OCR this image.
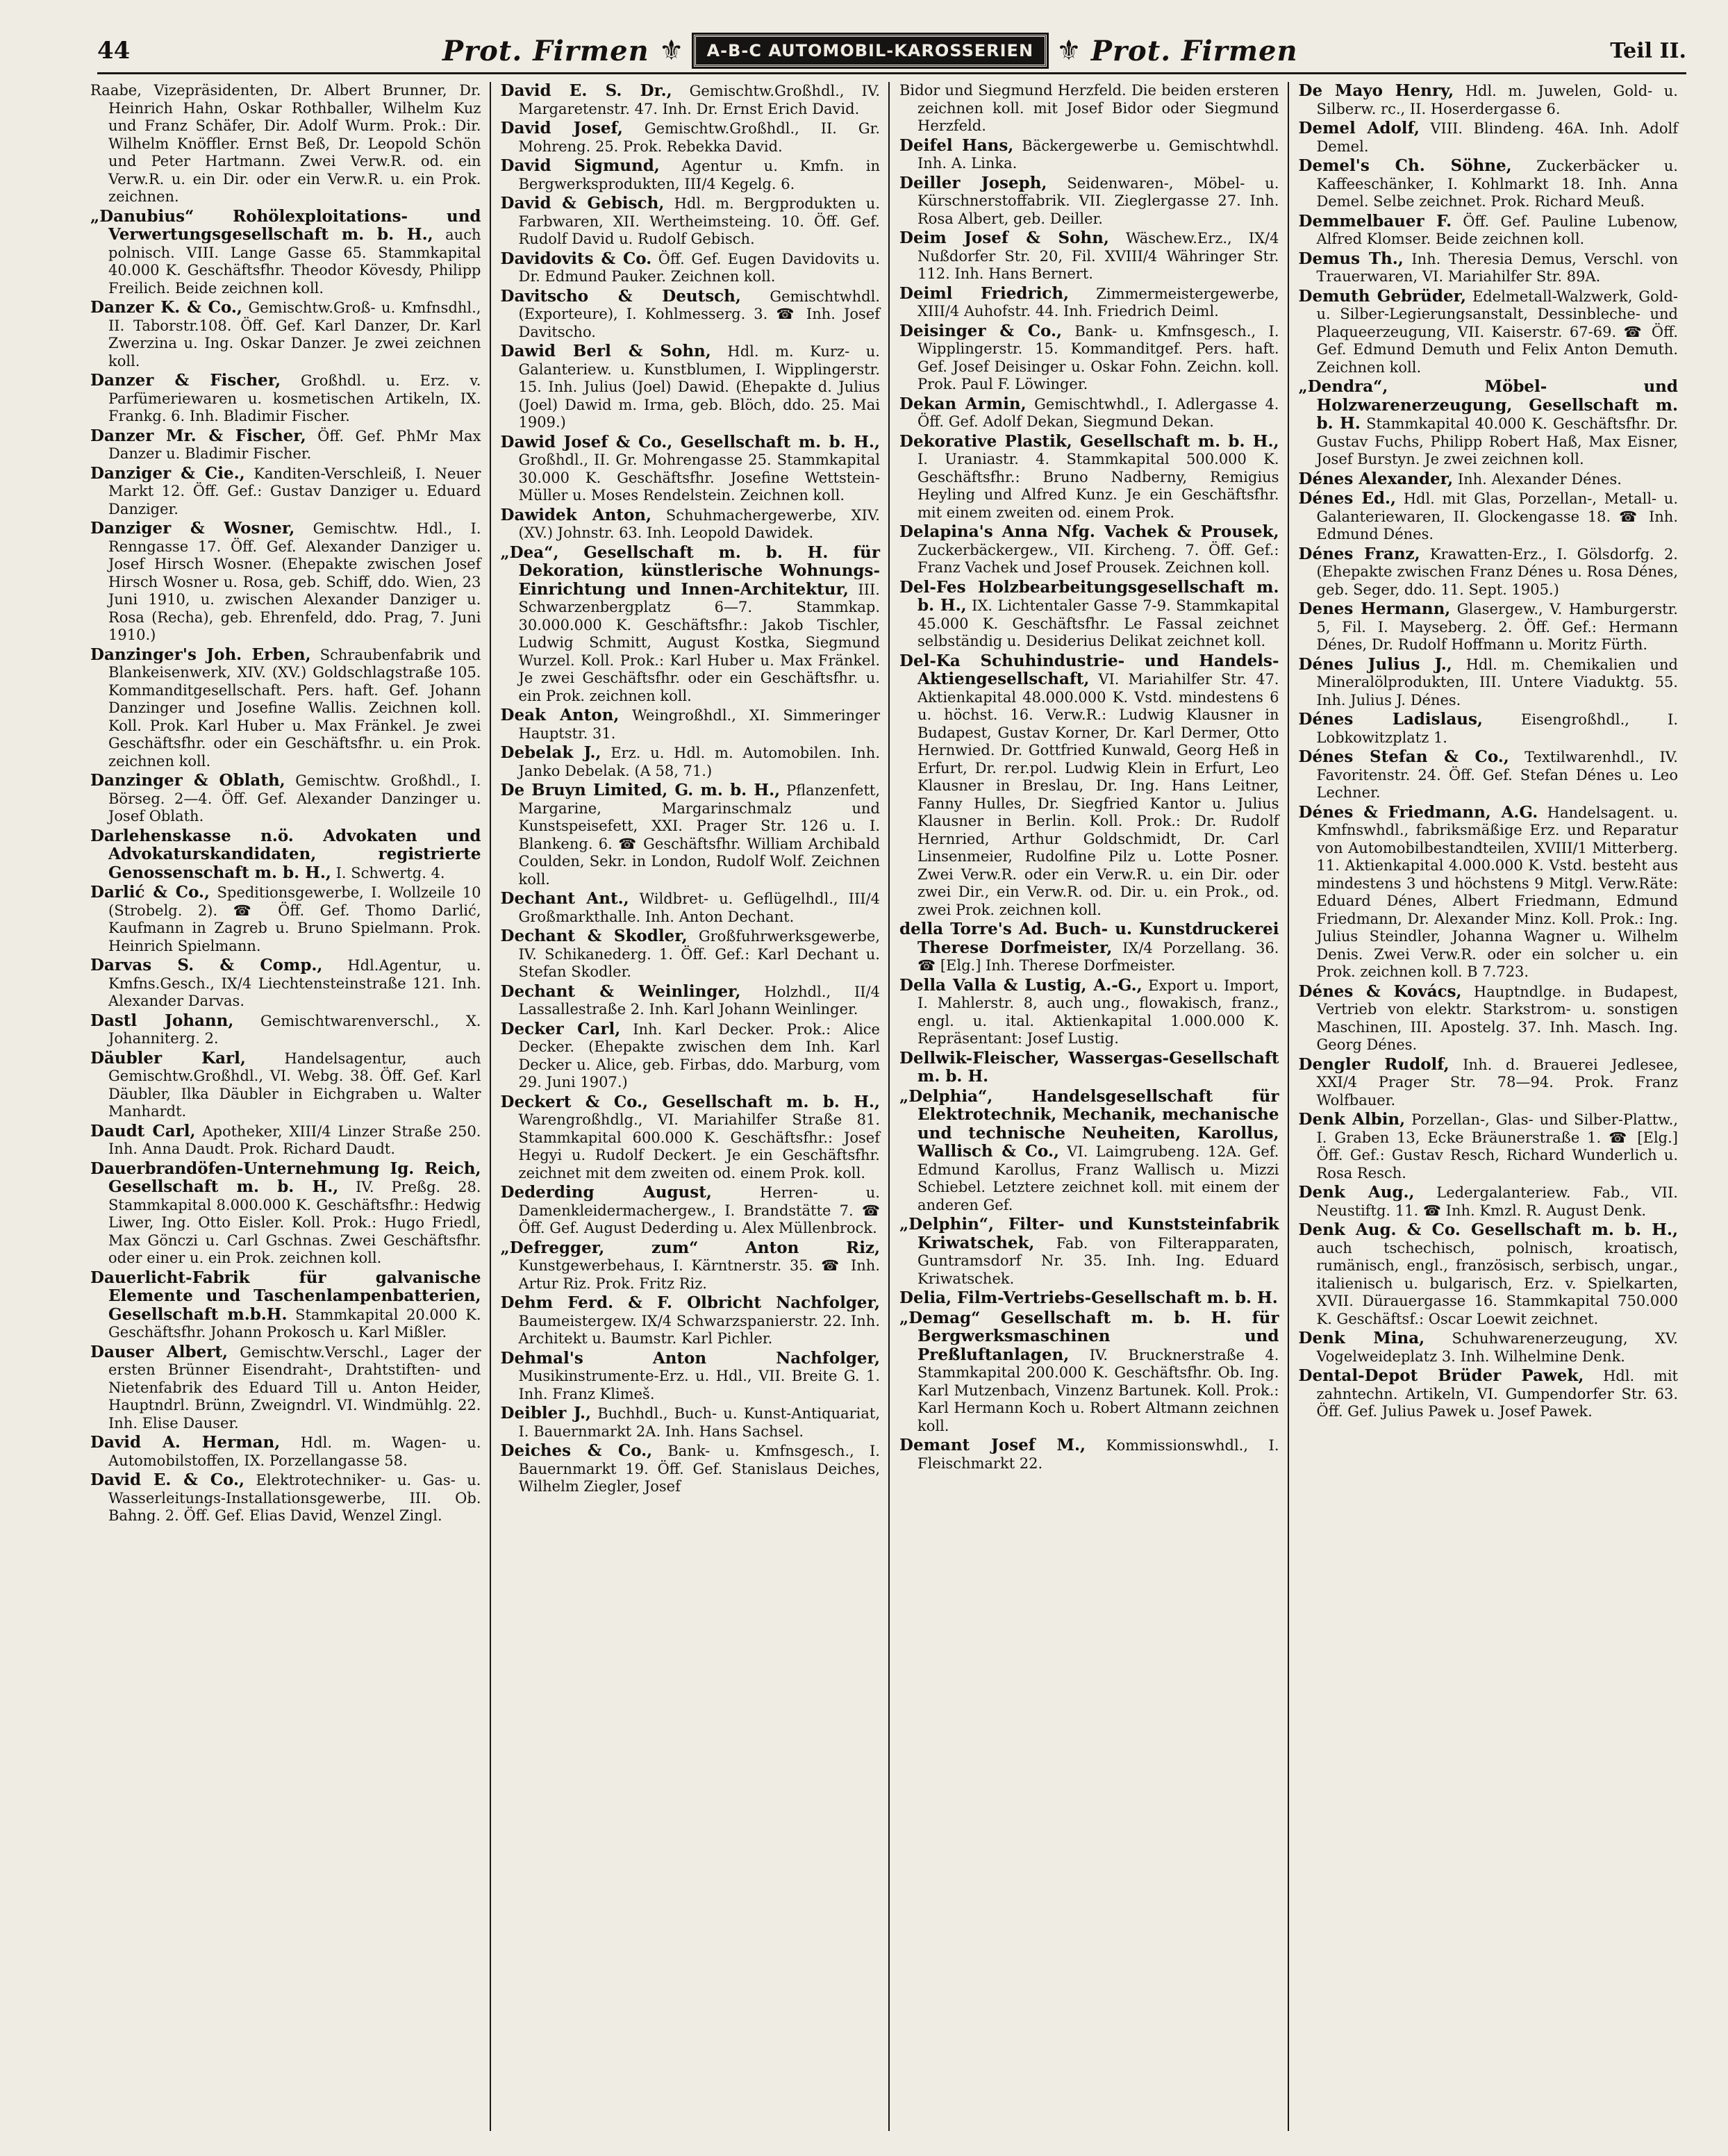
44	Prot. Firmen ⚜	A-B-C AUTOMOBIL-KAROSSERIEN ⚜ Prot. Firmen	Teil II.

Raabe, Vizepräsidenten, Dr. Albert Brunner, Dr. Heinrich Hahn, Oskar Rothballer, Wilhelm Kuz und Franz Schäfer, Dir. Adolf Wurm. Prok.: Dir. Wilhelm Knöffler. Ernst Beß, Dr. Leopold Schön und Peter Hartmann. Zwei Verw.R. od. ein Verw.R. u. ein Dir. oder ein Verw.R. u. ein Prok. zeichnen.

„Danubius“ Rohölexploitations- und Verwertungsgesellschaft m. b. H., auch polnisch. VIII. Lange Gasse 65. Stammkapital 40.000 K. Geschäftsfhr. Theodor Kövesdy, Philipp Freilich. Beide zeichnen koll.

Danzer K. & Co., Gemischtw.Groß- u. Kmfnsdhl., II. Taborstr.108. Öff. Gef. Karl Danzer, Dr. Karl Zwerzina u. Ing. Oskar Danzer. Je zwei zeichnen koll.

Danzer & Fischer, Großhdl. u. Erz. v. Parfümeriewaren u. kosmetischen Artikeln, IX. Frankg. 6. Inh. Bladimir Fischer.

Danzer Mr. & Fischer, Öff. Gef. PhMr Max Danzer u. Bladimir Fischer.

Danziger & Cie., Kanditen-Verschleiß, I. Neuer Markt 12. Öff. Gef.: Gustav Danziger u. Eduard Danziger.

Danziger & Wosner, Gemischtw. Hdl., I. Renngasse 17. Öff. Gef. Alexander Danziger u. Josef Hirsch Wosner. (Ehepakte zwischen Josef Hirsch Wosner u. Rosa, geb. Schiff, ddo. Wien, 23 Juni 1910, u. zwischen Alexander Danziger u. Rosa (Recha), geb. Ehrenfeld, ddo. Prag, 7. Juni 1910.)

Danzinger's Joh. Erben, Schraubenfabrik und Blankeisenwerk, XIV. (XV.) Goldschlagstraße 105. Kommanditgesellschaft. Pers. haft. Gef. Johann Danzinger und Josefine Wallis. Zeichnen koll. Koll. Prok. Karl Huber u. Max Fränkel. Je zwei Geschäftsfhr. oder ein Geschäftsfhr. u. ein Prok. zeichnen koll.

Danzinger & Oblath, Gemischtw. Großhdl., I. Börseg. 2—4. Öff. Gef. Alexander Danzinger u. Josef Oblath.

Darlehenskasse n.ö. Advokaten und Advokaturskandidaten, registrierte Genossenschaft m. b. H., I. Schwertg. 4.

Darlić & Co., Speditionsgewerbe, I. Wollzeile 10 (Strobelg. 2). ☎ Öff. Gef. Thomo Darlić, Kaufmann in Zagreb u. Bruno Spielmann. Prok. Heinrich Spielmann.

Darvas S. & Comp., Hdl.Agentur, u. Kmfns.Gesch., IX/4 Liechtensteinstraße 121. Inh. Alexander Darvas.

Dastl Johann, Gemischtwarenverschl., X. Johanniterg. 2.

Däubler Karl,	Handelsagentur, auch Gemischtw.Großhdl., VI. Webg. 38. Öff. Gef. Karl Däubler, Ilka Däubler in Eichgraben u. Walter Manhardt.

Daudt Carl, Apotheker, XIII/4 Linzer Straße 250. Inh. Anna Daudt. Prok. Richard Daudt.

Dauerbrandöfen-Unternehmung Ig. Reich, Gesellschaft m. b. H., IV. Preßg. 28. Stammkapital 8.000.000 K. Geschäftsfhr.: Hedwig Liwer, Ing. Otto Eisler. Koll. Prok.: Hugo Friedl, Max Gönczi u. Carl Gschnas. Zwei Geschäftsfhr. oder einer u. ein Prok. zeichnen koll.

Dauerlicht-Fabrik für galvanische Elemente und Taschenlampenbatterien, Gesellschaft m.b.H. Stammkapital 20.000 K. Geschäftsfhr. Johann Prokosch u. Karl Mißler.

Dauser Albert, Gemischtw.Verschl., Lager der ersten Brünner Eisendraht-, Drahtstiften- und Nietenfabrik des Eduard Till u. Anton Heider, Hauptndrl. Brünn, Zweigndrl. VI. Windmühlg. 22. Inh. Elise Dauser.

David A. Herman, Hdl. m. Wagen- u. Automobilstoffen, IX. Porzellangasse 58.

David E. & Co., Elektrotechniker- u. Gas- u. Wasserleitungs-Installationsgewerbe, III. Ob. Bahng. 2. Öff. Gef. Elias David, Wenzel Zingl.

David E. S. Dr., Gemischtw.Großhdl., IV. Margaretenstr. 47. Inh. Dr. Ernst Erich David.

David Josef, Gemischtw.Großhdl., II. Gr. Mohreng. 25. Prok. Rebekka David.

David Sigmund, Agentur u. Kmfn. in Bergwerksprodukten, III/4 Kegelg. 6.

David & Gebisch, Hdl. m. Bergprodukten u. Farbwaren, XII. Wertheimsteing. 10. Öff. Gef. Rudolf David u. Rudolf Gebisch.

Davidovits & Co. Öff. Gef. Eugen Davidovits u. Dr. Edmund Pauker. Zeichnen koll.

Davitscho & Deutsch, Gemischtwhdl. (Exporteure), I. Kohlmesserg. 3. ☎ Inh. Josef Davitscho.

Dawid Berl & Sohn, Hdl. m. Kurz- u. Galanteriew. u. Kunstblumen, I. Wipplingerstr. 15. Inh. Julius (Joel) Dawid. (Ehepakte d. Julius (Joel) Dawid m. Irma, geb. Blöch, ddo. 25. Mai 1909.)

Dawid Josef & Co., Gesellschaft m. b. H., Großhdl., II. Gr. Mohrengasse 25. Stammkapital 30.000 K. Geschäftsfhr. Josefine Wettstein-Müller u. Moses Rendelstein. Zeichnen koll.

Dawidek Anton, Schuhmachergewerbe, XIV. (XV.) Johnstr. 63. Inh. Leopold Dawidek.

„Dea“, Gesellschaft m. b. H. für Dekoration, künstlerische Wohnungs-Einrichtung und Innen-Architektur, III. Schwarzenbergplatz 6—7. Stammkap. 30.000.000 K. Geschäftsfhr.: Jakob Tischler, Ludwig Schmitt, August Kostka, Siegmund Wurzel. Koll. Prok.: Karl Huber u. Max Fränkel. Je zwei Geschäftsfhr. oder ein Geschäftsfhr. u. ein Prok. zeichnen koll.

Deak Anton, Weingroßhdl., XI. Simmeringer Hauptstr. 31.

Debelak J., Erz. u. Hdl. m. Automobilen. Inh. Janko Debelak. (A 58, 71.)

De Bruyn Limited, G. m. b. H., Pflanzenfett, Margarine, Margarinschmalz und Kunstspeisefett, XXI. Prager Str. 126 u. I. Blankeng. 6. ☎ Geschäftsfhr. William Archibald Coulden, Sekr. in London, Rudolf Wolf. Zeichnen koll.

Dechant Ant., Wildbret- u. Geflügelhdl., III/4 Großmarkthalle. Inh. Anton Dechant.

Dechant & Skodler, Großfuhrwerksgewerbe, IV. Schikanederg. 1. Öff. Gef.: Karl Dechant u. Stefan Skodler.

Dechant & Weinlinger, Holzhdl., II/4 Lassallestraße 2. Inh. Karl Johann Weinlinger.

Decker Carl, Inh. Karl Decker. Prok.: Alice Decker. (Ehepakte zwischen dem Inh. Karl Decker u. Alice, geb. Firbas, ddo. Marburg, vom 29. Juni 1907.)

Deckert & Co., Gesellschaft m. b. H., Warengroßhdlg., VI. Mariahilfer Straße 81. Stammkapital 600.000 K. Geschäftsfhr.: Josef Hegyi u. Rudolf Deckert. Je ein Geschäftsfhr. zeichnet mit dem zweiten od. einem Prok. koll.

Dederding August,	Herren- u. Damenkleidermachergew., I. Brandstätte 7. ☎ Öff. Gef. August Dederding u. Alex Müllenbrock.

„Defregger, zum“ Anton Riz, Kunstgewerbehaus, I. Kärntnerstr. 35. ☎ Inh. Artur Riz. Prok. Fritz Riz.

Dehm Ferd. & F. Olbricht Nachfolger, Baumeistergew. IX/4 Schwarzspanierstr. 22. Inh. Architekt u. Baumstr. Karl Pichler.

Dehmal's Anton Nachfolger, Musikinstrumente-Erz. u. Hdl., VII. Breite G. 1. Inh. Franz Klimeš.

Deibler J., Buchhdl., Buch- u. Kunst-Antiquariat, I. Bauernmarkt 2A. Inh. Hans Sachsel.

Deiches & Co., Bank- u. Kmfnsgesch., I. Bauernmarkt 19. Öff. Gef. Stanislaus Deiches, Wilhelm Ziegler, Josef

Bidor und Siegmund Herzfeld. Die beiden ersteren zeichnen koll. mit Josef Bidor oder Siegmund Herzfeld.

Deifel Hans, Bäckergewerbe u. Gemischtwhdl. Inh. A. Linka.

Deiller Joseph, Seidenwaren-, Möbel- u. Kürschnerstoffabrik. VII. Zieglergasse 27. Inh. Rosa Albert, geb. Deiller.

Deim Josef & Sohn, Wäschew.Erz., IX/4 Nußdorfer Str. 20, Fil. XVIII/4 Währinger Str. 112. Inh. Hans Bernert.

Deiml Friedrich, Zimmermeistergewerbe, XIII/4 Auhofstr. 44. Inh. Friedrich Deiml.

Deisinger & Co., Bank- u. Kmfnsgesch., I. Wipplingerstr. 15. Kommanditgef. Pers. haft. Gef. Josef Deisinger u. Oskar Fohn. Zeichn. koll. Prok. Paul F. Löwinger.

Dekan Armin, Gemischtwhdl., I. Adlergasse 4. Öff. Gef. Adolf Dekan, Siegmund Dekan.

Dekorative Plastik, Gesellschaft m. b. H., I. Uraniastr. 4. Stammkapital 500.000 K. Geschäftsfhr.: Bruno Nadberny, Remigius Heyling und Alfred Kunz. Je ein Geschäftsfhr. mit einem zweiten od. einem Prok.

Delapina's Anna Nfg. Vachek & Prousek, Zuckerbäckergew., VII. Kircheng. 7. Öff. Gef.: Franz Vachek und Josef Prousek. Zeichnen koll.

Del-Fes Holzbearbeitungsgesellschaft m. b. H., IX. Lichtentaler Gasse 7-9. Stammkapital 45.000 K. Geschäftsfhr. Le Fassal zeichnet selbständig u. Desiderius Delikat zeichnet koll.

Del-Ka Schuhindustrie- und Handels-Aktiengesellschaft, VI. Mariahilfer Str. 47. Aktienkapital 48.000.000 K. Vstd. mindestens 6 u. höchst. 16. Verw.R.: Ludwig Klausner in Budapest, Gustav Korner, Dr. Karl Dermer, Otto Hernwied. Dr. Gottfried Kunwald, Georg Heß in Erfurt, Dr. rer.pol. Ludwig Klein in Erfurt, Leo Klausner in Breslau, Dr. Ing. Hans Leitner, Fanny Hulles, Dr. Siegfried Kantor u. Julius Klausner in Berlin. Koll. Prok.: Dr. Rudolf Hernried, Arthur Goldschmidt, Dr. Carl Linsenmeier, Rudolfine Pilz u. Lotte Posner. Zwei Verw.R. oder ein Verw.R. u. ein Dir. oder zwei Dir., ein Verw.R. od. Dir. u. ein Prok., od. zwei Prok. zeichnen koll.

della Torre's Ad. Buch- u. Kunstdruckerei Therese Dorfmeister, IX/4 Porzellang. 36. ☎ [Elg.] Inh. Therese Dorfmeister.

Della Valla & Lustig, A.-G., Export u. Import, I. Mahlerstr. 8, auch ung., flowakisch, franz., engl. u. ital. Aktienkapital 1.000.000 K. Repräsentant: Josef Lustig.

Dellwik-Fleischer, Wassergas-Gesellschaft m. b. H.

„Delphia“, Handelsgesellschaft für Elektrotechnik, Mechanik, mechanische und technische Neuheiten, Karollus, Wallisch & Co., VI. Laimgrubeng. 12A. Gef. Edmund Karollus, Franz Wallisch u. Mizzi Schiebel. Letztere zeichnet koll. mit einem der anderen Gef.

„Delphin“, Filter- und Kunststeinfabrik Kriwatschek, Fab. von Filterapparaten, Guntramsdorf Nr. 35. Inh. Ing. Eduard Kriwatschek.

Delia, Film-Vertriebs-Gesellschaft m. b. H.

„Demag“ Gesellschaft m. b. H. für Bergwerksmaschinen und Preßluftanlagen, IV. Brucknerstraße 4. Stammkapital 200.000 K. Geschäftsfhr. Ob. Ing. Karl Mutzenbach, Vinzenz Bartunek. Koll. Prok.: Karl Hermann Koch u. Robert Altmann zeichnen koll.

Demant Josef M., Kommissionswhdl., I. Fleischmarkt 22.

De Mayo Henry, Hdl. m. Juwelen, Gold- u. Silberw. rc., II. Hoserdergasse 6.

Demel Adolf, VIII. Blindeng. 46A. Inh. Adolf Demel.

Demel's Ch. Söhne, Zuckerbäcker u. Kaffeeschänker, I. Kohlmarkt 18. Inh. Anna Demel. Selbe zeichnet. Prok. Richard Meuß.

Demmelbauer F. Öff. Gef. Pauline Lubenow, Alfred Klomser. Beide zeichnen koll.

Demus Th., Inh. Theresia Demus, Verschl. von Trauerwaren, VI. Mariahilfer Str. 89A.

Demuth Gebrüder, Edelmetall-Walzwerk, Gold- u. Silber-Legierungsanstalt, Dessinbleche- und Plaqueerzeugung, VII. Kaiserstr. 67-69. ☎ Öff. Gef. Edmund Demuth und Felix Anton Demuth. Zeichnen koll.

„Dendra“, Möbel- und Holzwarenerzeugung, Gesellschaft m. b. H. Stammkapital 40.000 K. Geschäftsfhr. Dr. Gustav Fuchs, Philipp Robert Haß, Max Eisner, Josef Burstyn. Je zwei zeichnen koll.

Dénes Alexander, Inh. Alexander Dénes.

Dénes Ed., Hdl. mit Glas, Porzellan-, Metall- u. Galanteriewaren, II. Glockengasse 18. ☎ Inh. Edmund Dénes.

Dénes Franz, Krawatten-Erz., I. Gölsdorfg. 2. (Ehepakte zwischen Franz Dénes u. Rosa Dénes, geb. Seger, ddo. 11. Sept. 1905.)

Denes Hermann, Glasergew., V. Hamburgerstr. 5, Fil. I. Mayseberg. 2. Öff. Gef.: Hermann Dénes, Dr. Rudolf Hoffmann u. Moritz Fürth.

Dénes Julius J., Hdl. m. Chemikalien und Mineralölprodukten, III. Untere Viaduktg. 55. Inh. Julius J. Dénes.

Dénes Ladislaus,	Eisengroßhdl., I. Lobkowitzplatz 1.

Dénes Stefan & Co., Textilwarenhdl., IV. Favoritenstr. 24. Öff. Gef. Stefan Dénes u. Leo Lechner.

Dénes & Friedmann, A.G. Handelsagent. u. Kmfnswhdl., fabriksmäßige Erz. und Reparatur von Automobilbestandteilen, XVIII/1 Mitterberg. 11. Aktienkapital 4.000.000 K. Vstd. besteht aus mindestens 3 und höchstens 9 Mitgl. Verw.Räte: Eduard Dénes, Albert Friedmann, Edmund Friedmann, Dr. Alexander Minz. Koll. Prok.: Ing. Julius Steindler, Johanna Wagner u. Wilhelm Denis. Zwei Verw.R. oder ein solcher u. ein Prok. zeichnen koll. B 7.723.

Dénes & Kovács, Hauptndlge. in Budapest, Vertrieb von elektr. Starkstrom- u. sonstigen Maschinen, III. Apostelg. 37. Inh. Masch. Ing. Georg Dénes.

Dengler Rudolf, Inh. d. Brauerei Jedlesee, XXI/4 Prager Str. 78—94. Prok. Franz Wolfbauer.

Denk Albin, Porzellan-, Glas- und Silber-Plattw., I. Graben 13, Ecke Bräunerstraße 1. ☎ [Elg.] Öff. Gef.: Gustav Resch, Richard Wunderlich u. Rosa Resch.

Denk Aug., Ledergalanteriew. Fab., VII. Neustiftg. 11. ☎ Inh. Kmzl. R. August Denk.

Denk Aug. & Co. Gesellschaft m. b. H., auch tschechisch, polnisch, kroatisch, rumänisch, engl., französisch, serbisch, ungar., italienisch u. bulgarisch, Erz. v. Spielkarten, XVII. Dürauergasse 16. Stammkapital 750.000 K. Geschäftsf.: Oscar Loewit zeichnet.

Denk Mina, Schuhwarenerzeugung, XV. Vogelweideplatz 3. Inh. Wilhelmine Denk.

Dental-Depot Brüder Pawek, Hdl. mit zahntechn. Artikeln, VI. Gumpendorfer Str. 63. Öff. Gef. Julius Pawek u. Josef Pawek.
